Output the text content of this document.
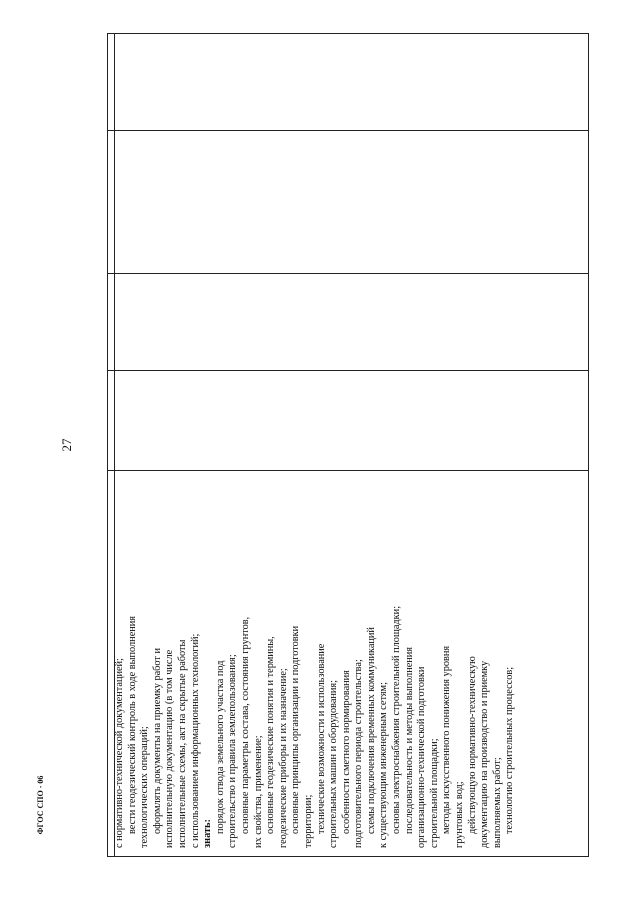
27
с нормативно-технической документацией; вести геодезический контроль в ходе выполнения технологических операций; оформлять документы на приемку работ и исполнительную документацию (в том числе исполнительные схемы, акт на скрытые работы с использованием информационных технологий; знать: порядок отвода земельного участка под строительство и правила землепользования; основные параметры состава, состояния грунтов, их свойства, применение; основные геодезические понятия и термины, геодезические приборы и их назначение; основные принципы организации и подготовки территории; технические возможности и использование строительных машин и оборудования; особенности сметного нормирования подготовительного периода строительства; схемы подключения временных коммуникаций к существующим инженерным сетям; основы электроснабжения строительной площадки; последовательность и методы выполнения организационно-технической подготовки строительной площадки; методы искусственного понижения уровня грунтовых вод; действующую нормативно-техническую документацию на производство и приемку выполняемых работ; технологию строительных процессов;
ФГОС СПО - 06
